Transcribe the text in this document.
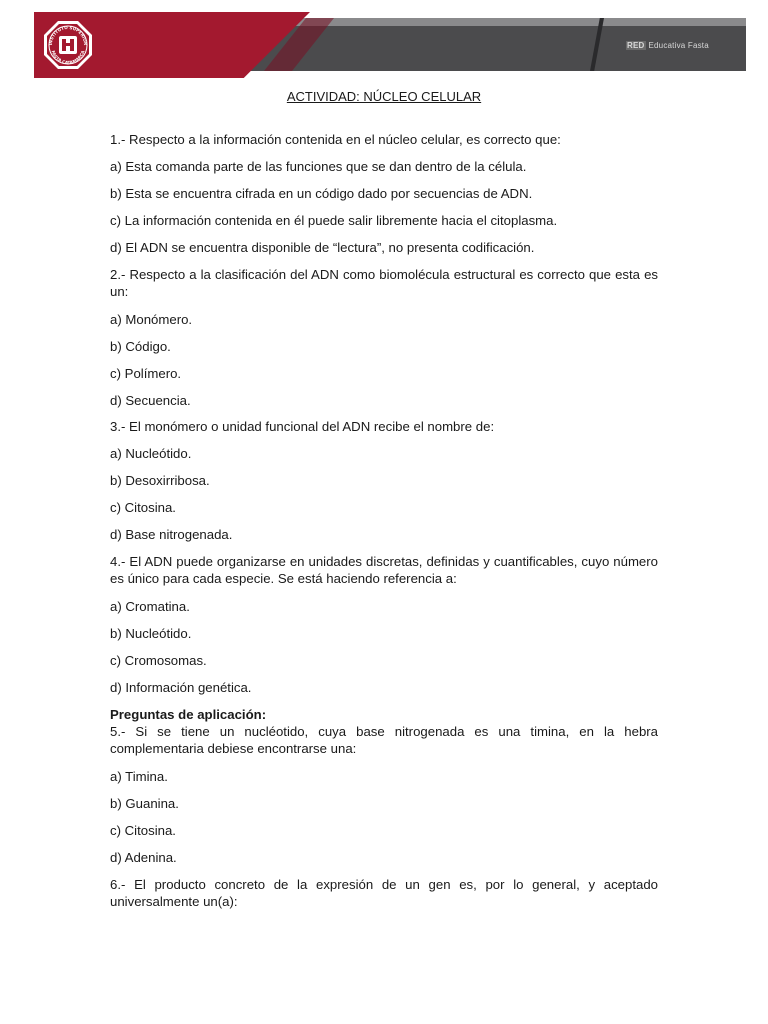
INSTITUTO SUPERIOR
FASTA CATAMARCA
RED Educativa Fasta
ACTIVIDAD: NÚCLEO CELULAR
1.- Respecto a la información contenida en el núcleo celular, es correcto que:
a) Esta comanda parte de las funciones que se dan dentro de la célula.
b) Esta se encuentra cifrada en un código dado por secuencias de ADN.
c) La información contenida en él puede salir libremente hacia el citoplasma.
d) El ADN se encuentra disponible de “lectura”, no presenta codificación.
2.- Respecto a la clasificación del ADN como biomolécula estructural es correcto que esta es un:
a) Monómero.
b) Código.
c) Polímero.
d) Secuencia.
3.- El monómero o unidad funcional del ADN recibe el nombre de:
a) Nucleótido.
b) Desoxirribosa.
c) Citosina.
d) Base nitrogenada.
4.- El ADN puede organizarse en unidades discretas, definidas y cuantificables, cuyo número es único para cada especie. Se está haciendo referencia a:
a) Cromatina.
b) Nucleótido.
c) Cromosomas.
d) Información genética.
Preguntas de aplicación:
5.- Si se tiene un nucléotido, cuya base nitrogenada es una timina, en la hebra complementaria debiese encontrarse una:
a) Timina.
b) Guanina.
c) Citosina.
d) Adenina.
6.- El producto concreto de la expresión de un gen es, por lo general, y aceptado universalmente un(a):
